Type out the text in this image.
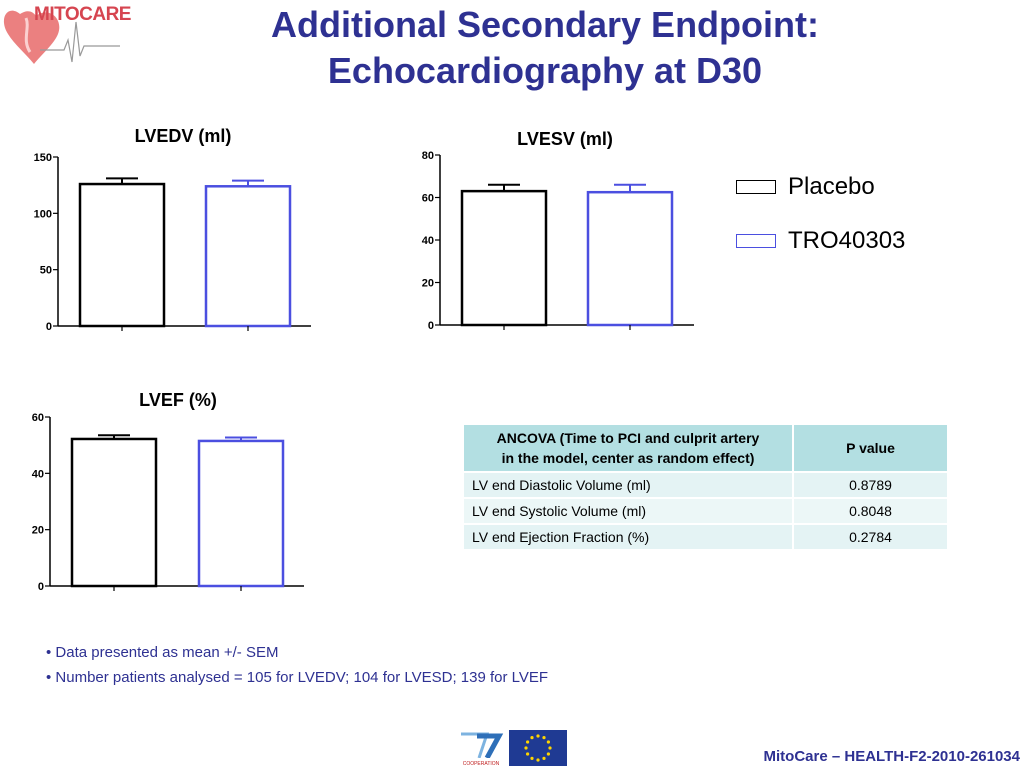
MITOCARE	Additional Secondary Endpoint:
Echocardiography at D30
LVEDV (ml)
0
50
100
150
LVESV (ml)
0
20
40
60
80
LVEF (%)
0
20
40
60
Placebo
TRO40303
ANCOVA (Time to PCI and culprit artery
in the model, center as random effect)	P value
LV end Diastolic Volume (ml)	0.8789
LV end Systolic Volume (ml)	0.8048
LV end Ejection Fraction (%)	0.2784
• Data presented as mean +/- SEM
• Number patients analysed = 105 for LVEDV; 104 for LVESD; 139 for LVEF
COOPERATION	MitoCare – HEALTH-F2-2010-261034
